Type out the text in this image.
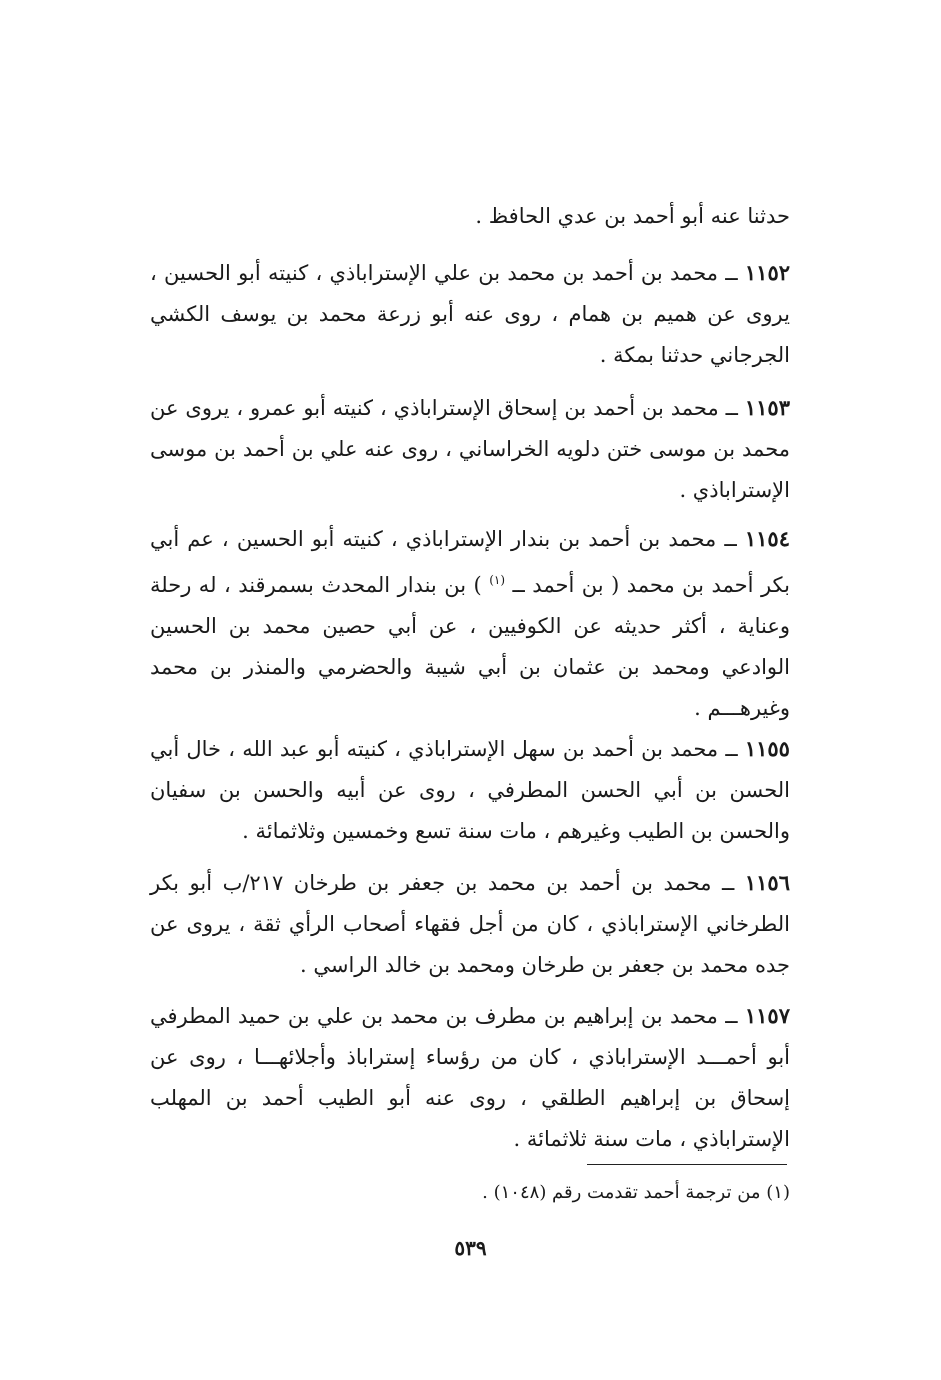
حدثنا عنه أبو أحمد بن عدي الحافظ .
١١٥٢ ــ محمد بن أحمد بن محمد بن علي الإستراباذي ، كنيته أبو الحسين ، يروى عن هميم بن همام ، روى عنه أبو زرعة محمد بن يوسف الكشي الجرجاني حدثنا بمكة .
١١٥٣ ــ محمد بن أحمد بن إسحاق الإستراباذي ، كنيته أبو عمرو ، يروى عن محمد بن موسى ختن دلويه الخراساني ، روى عنه علي بن أحمد بن موسى الإستراباذي .
١١٥٤ ــ محمد بن أحمد بن بندار الإستراباذي ، كنيته أبو الحسين ، عم أبي بكر أحمد بن محمد ( بن أحمد ــ $^{(١)}$ ) بن بندار المحدث بسمرقند ، له رحلة وعناية ، أكثر حديثه عن الكوفيين ، عن أبي حصين محمد بن الحسين الوادعي ومحمد بن عثمان بن أبي شيبة والحضرمي والمنذر بن محمد وغيرهـــم .
١١٥٥ ــ محمد بن أحمد بن سهل الإستراباذي ، كنيته أبو عبد الله ، خال أبي الحسن بن أبي الحسن المطرفي ، روى عن أبيه والحسن بن سفيان والحسن بن الطيب وغيرهم ، مات سنة تسع وخمسين وثلاثمائة .
١١٥٦ ــ محمد بن أحمد بن محمد بن جعفر بن طرخان ٢١٧/ب أبو بكر الطرخاني الإستراباذي ، كان من أجل فقهاء أصحاب الرأي ثقة ، يروى عن جده محمد بن جعفر بن طرخان ومحمد بن خالد الراسي .
١١٥٧ ــ محمد بن إبراهيم بن مطرف بن محمد بن علي بن حميد المطرفي أبو أحمـــد الإستراباذي ، كان من رؤساء إستراباذ وأجلائهـــا ، روى عن إسحاق بن إبراهيم الطلقي ، روى عنه أبو الطيب أحمد بن المهلب الإستراباذي ، مات سنة ثلاثمائة .
(١) من ترجمة أحمد تقدمت رقم (١٠٤٨) .
٥٣٩
